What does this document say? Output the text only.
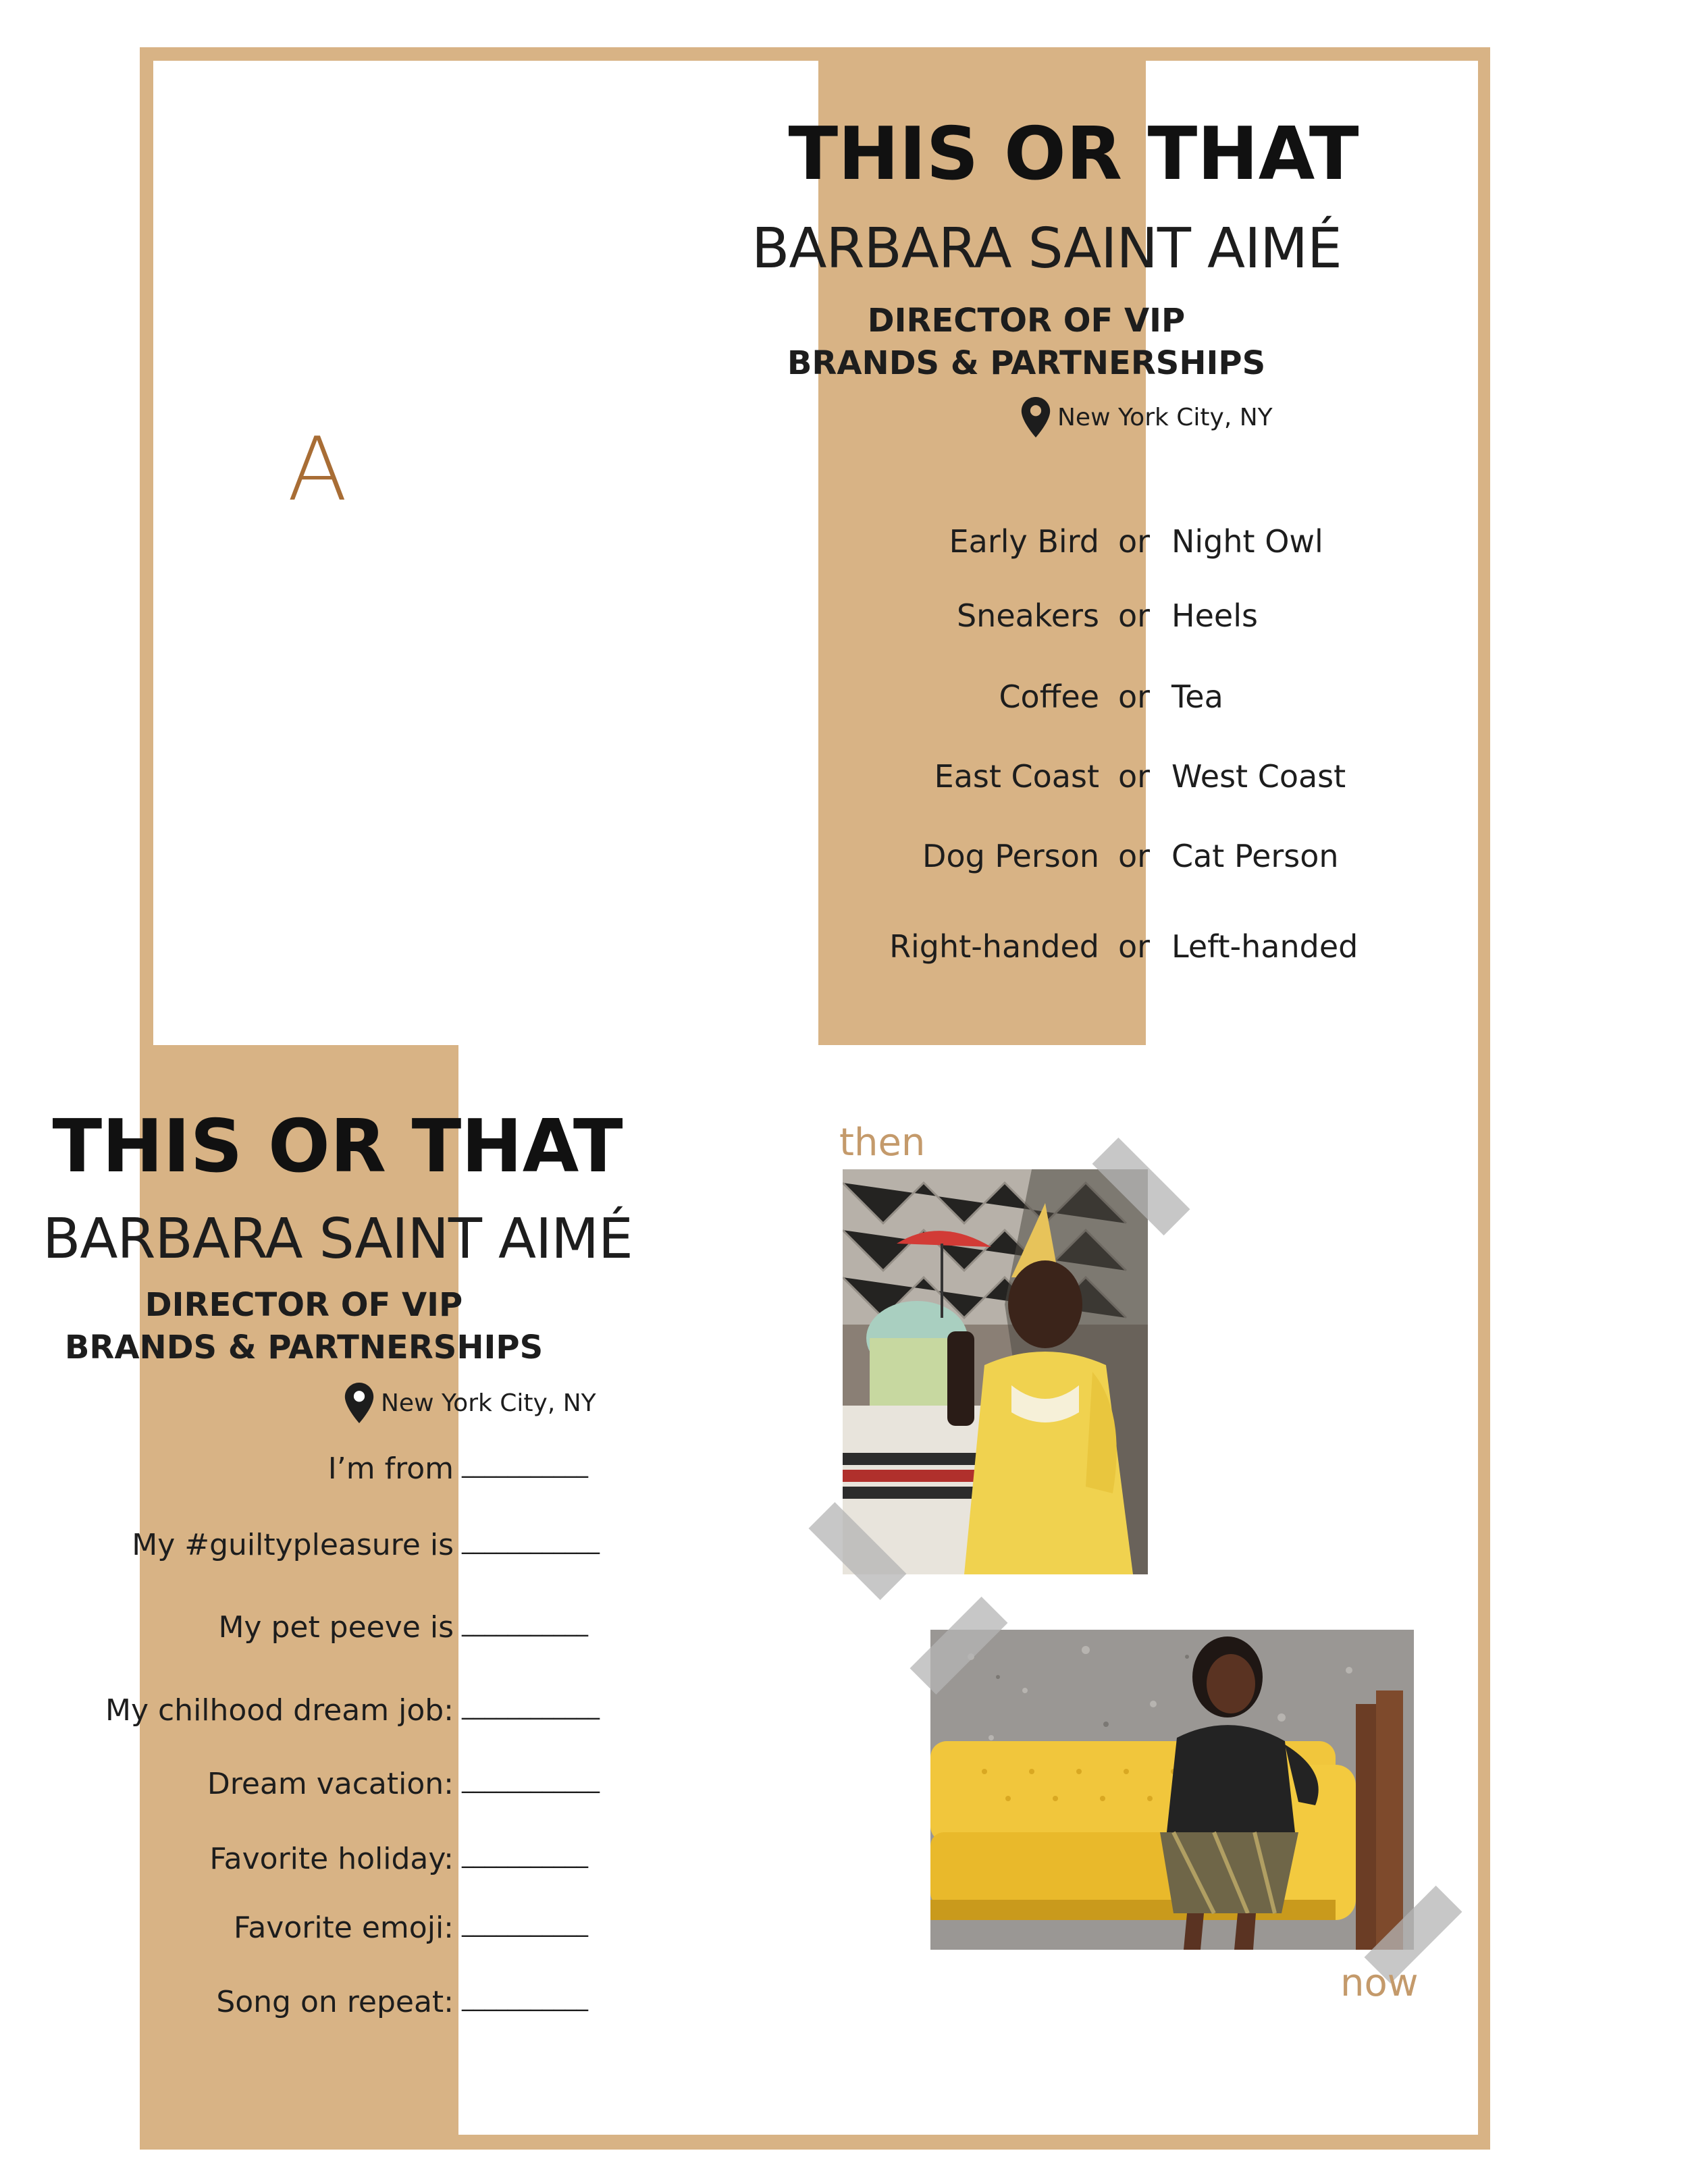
A
THIS OR THAT
BARBARA SAINT AIMÉ
DIRECTOR OF VIP
BRANDS & PARTNERSHIPS
New York City, NY
Early Bird or Night Owl
Sneakers or Heels
Coffee or Tea
East Coast or West Coast
Dog Person or Cat Person
Right-handed or Left-handed
THIS OR THAT
BARBARA SAINT AIMÉ
DIRECTOR OF VIP
BRANDS & PARTNERSHIPS
New York City, NY
I’m from ___________
My #guiltypleasure is ____________
My pet peeve is ___________
My chilhood dream job: ____________
Dream vacation: ____________
Favorite holiday: ___________
Favorite emoji: ___________
Song on repeat: ___________
then
now
